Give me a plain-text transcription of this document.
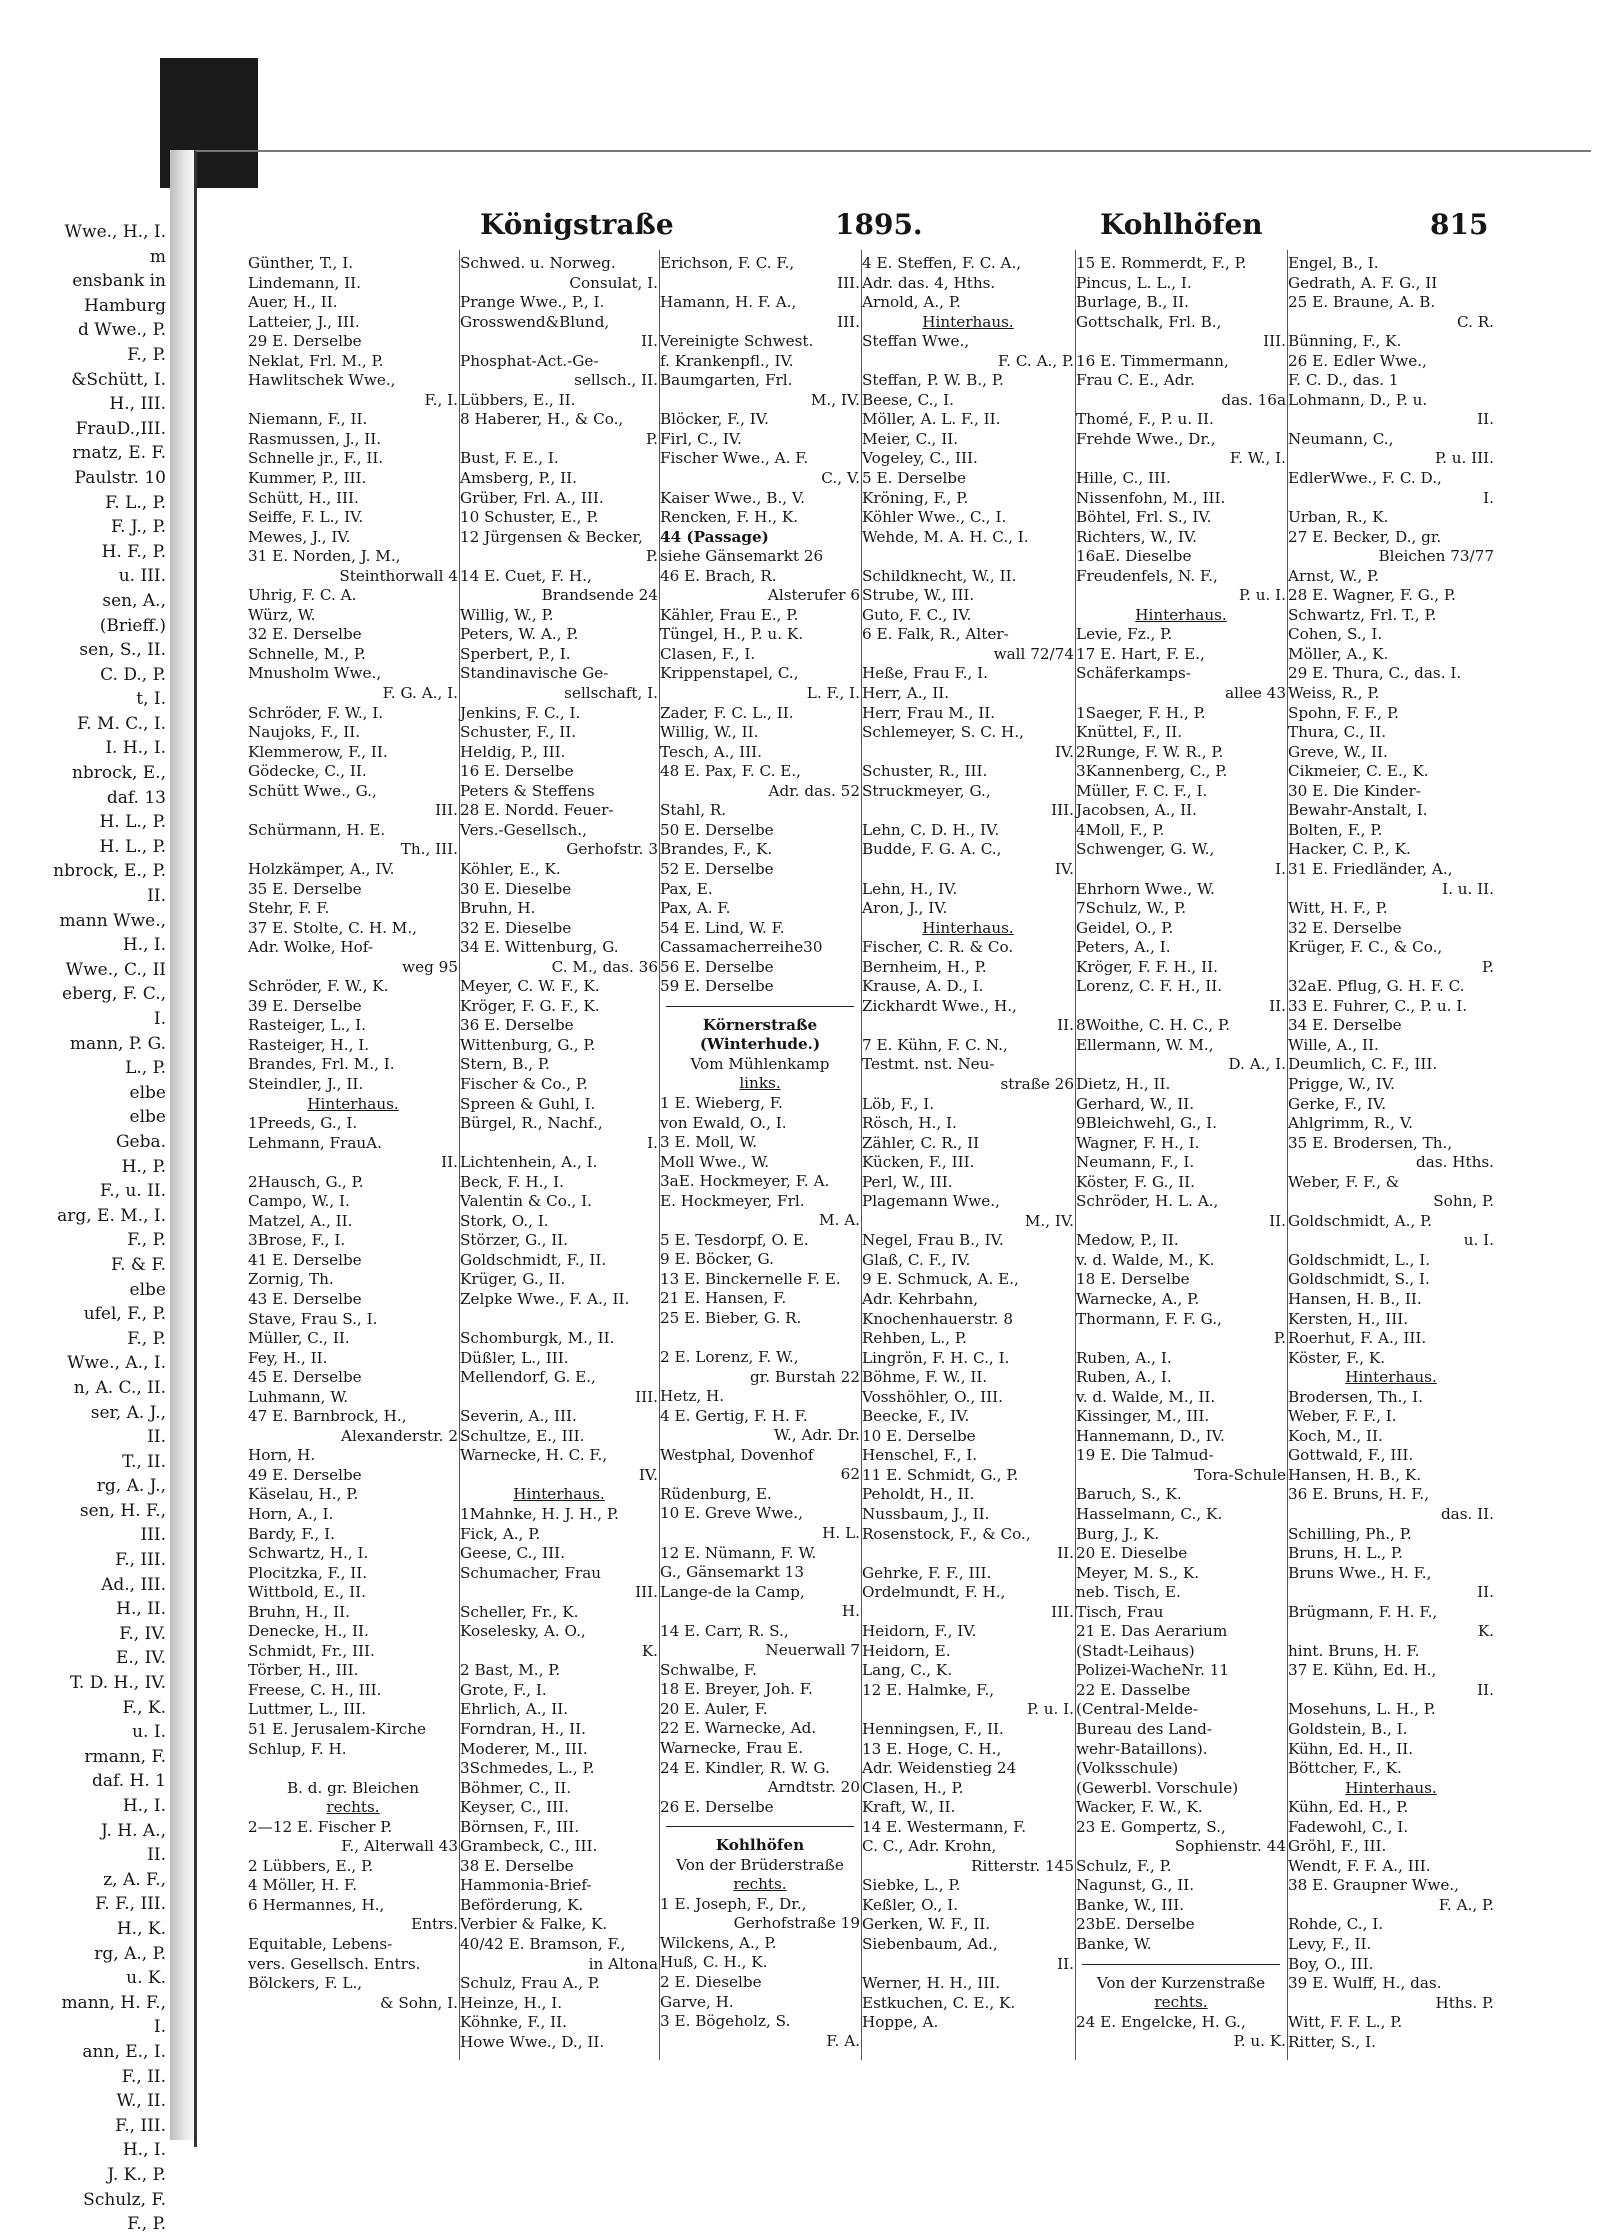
Wwe., H., I.
m
ensbank in
Hamburg
d Wwe., P.
F., P.
&Schütt, I.
H., III.
FrauD.,III.
rnatz, E. F.
Paulstr. 10
F. L., P.
F. J., P.
H. F., P.
u. III.
sen, A.,
(Brieff.)
sen, S., II.
C. D., P.
t, I.
F. M. C., I.
I. H., I.
nbrock, E.,
daf. 13
H. L., P.
H. L., P.
nbrock, E., P.
II.
mann Wwe.,
H., I.
Wwe., C., II
eberg, F. C.,
I.
mann, P. G.
L., P.
elbe
elbe
Geba.
H., P.
F., u. II.
arg, E. M., I.
F., P.
F. & F.
elbe
ufel, F., P.
F., P.
Wwe., A., I.
n, A. C., II.
ser, A. J.,
II.
T., II.
rg, A. J.,
sen, H. F.,
III.
F., III.
Ad., III.
H., II.
F., IV.
E., IV.
T. D. H., IV.
F., K.
u. I.
rmann, F.
daf. H. 1
H., I.
J. H. A.,
II.
z, A. F.,
F. F., III.
H., K.
rg, A., P.
u. K.
mann, H. F.,
I.
ann, E., I.
F., II.
W., II.
F., III.
H., I.
J. K., P.
Schulz, F.
F., P.
Königstraße	1895.	Kohlhöfen	815
Günther, T., I.
Lindemann, II.
Auer, H., II.
Latteier, J., III.
29 E. Derselbe
Neklat, Frl. M., P.
Hawlitschek Wwe.,
F., I.
Niemann, F., II.
Rasmussen, J., II.
Schnelle jr., F., II.
Kummer, P., III.
Schütt, H., III.
Seiffe, F. L., IV.
Mewes, J., IV.
31 E. Norden, J. M.,
Steinthorwall 4
Uhrig, F. C. A.
Würz, W.
32 E. Derselbe
Schnelle, M., P.
Mnusholm Wwe.,
F. G. A., I.
Schröder, F. W., I.
Naujoks, F., II.
Klemmerow, F., II.
Gödecke, C., II.
Schütt Wwe., G.,
III.
Schürmann, H. E.
Th., III.
Holzkämper, A., IV.
35 E. Derselbe
Stehr, F. F.
37 E. Stolte, C. H. M.,
Adr. Wolke, Hof-
weg 95
Schröder, F. W., K.
39 E. Derselbe
Rasteiger, L., I.
Rasteiger, H., I.
Brandes, Frl. M., I.
Steindler, J., II.
Hinterhaus.
1Preeds, G., I.
Lehmann, FrauA.
II.
2Hausch, G., P.
Campo, W., I.
Matzel, A., II.
3Brose, F., I.
41 E. Derselbe
Zornig, Th.
43 E. Derselbe
Stave, Frau S., I.
Müller, C., II.
Fey, H., II.
45 E. Derselbe
Luhmann, W.
47 E. Barnbrock, H.,
Alexanderstr. 2
Horn, H.
49 E. Derselbe
Käselau, H., P.
Horn, A., I.
Bardy, F., I.
Schwartz, H., I.
Plocitzka, F., II.
Wittbold, E., II.
Bruhn, H., II.
Denecke, H., II.
Schmidt, Fr., III.
Törber, H., III.
Freese, C. H., III.
Luttmer, L., III.
51 E. Jerusalem-Kirche
Schlup, F. H.

B. d. gr. Bleichen
rechts.
2—12 E. Fischer P.
F., Alterwall 43
2 Lübbers, E., P.
4 Möller, H. F.
6 Hermannes, H.,
Entrs.
Equitable, Lebens-
vers. Gesellsch. Entrs.
Bölckers, F. L.,
& Sohn, I.
Schwed. u. Norweg.
Consulat, I.
Prange Wwe., P., I.
Grosswend&Blund,
II.
Phosphat-Act.-Ge-
sellsch., II.
Lübbers, E., II.
8 Haberer, H., & Co.,
P.
Bust, F. E., I.
Amsberg, P., II.
Grüber, Frl. A., III.
10 Schuster, E., P.
12 Jürgensen & Becker,
P.
14 E. Cuet, F. H.,
Brandsende 24
Willig, W., P.
Peters, W. A., P.
Sperbert, P., I.
Standinavische Ge-
sellschaft, I.
Jenkins, F. C., I.
Schuster, F., II.
Heldig, P., III.
16 E. Derselbe
Peters & Steffens
28 E. Nordd. Feuer-
Vers.-Gesellsch.,
Gerhofstr. 3
Köhler, E., K.
30 E. Dieselbe
Bruhn, H.
32 E. Dieselbe
34 E. Wittenburg, G.
C. M., das. 36
Meyer, C. W. F., K.
Kröger, F. G. F., K.
36 E. Derselbe
Wittenburg, G., P.
Stern, B., P.
Fischer & Co., P.
Spreen & Guhl, I.
Bürgel, R., Nachf.,
I.
Lichtenhein, A., I.
Beck, F. H., I.
Valentin & Co., I.
Stork, O., I.
Störzer, G., II.
Goldschmidt, F., II.
Krüger, G., II.
Zelpke Wwe., F. A., II.

Schomburgk, M., II.
Düßler, L., III.
Mellendorf, G. E.,
III.
Severin, A., III.
Schultze, E., III.
Warnecke, H. C. F.,
IV.
Hinterhaus.
1Mahnke, H. J. H., P.
Fick, A., P.
Geese, C., III.
Schumacher, Frau
III.
Scheller, Fr., K.
Koselesky, A. O.,
K.
2 Bast, M., P.
Grote, F., I.
Ehrlich, A., II.
Forndran, H., II.
Moderer, M., III.
3Schmedes, L., P.
Böhmer, C., II.
Keyser, C., III.
Börnsen, F., III.
Grambeck, C., III.
38 E. Derselbe
Hammonia-Brief-
Beförderung, K.
Verbier & Falke, K.
40/42 E. Bramson, F.,
in Altona
Schulz, Frau A., P.
Heinze, H., I.
Köhnke, F., II.
Howe Wwe., D., II.
Erichson, F. C. F.,
III.
Hamann, H. F. A.,
III.
Vereinigte Schwest.
f. Krankenpfl., IV.
Baumgarten, Frl.
M., IV.
Blöcker, F., IV.
Firl, C., IV.
Fischer Wwe., A. F.
C., V.
Kaiser Wwe., B., V.
Rencken, F. H., K.
44 (Passage)
siehe Gänsemarkt 26
46 E. Brach, R.
Alsterufer 6
Kähler, Frau E., P.
Tüngel, H., P. u. K.
Clasen, F., I.
Krippenstapel, C.,
L. F., I.
Zader, F. C. L., II.
Willig, W., II.
Tesch, A., III.
48 E. Pax, F. C. E.,
Adr. das. 52
Stahl, R.
50 E. Derselbe
Brandes, F., K.
52 E. Derselbe
Pax, E.
Pax, A. F.
54 E. Lind, W. F.
Cassamacherreihe30
56 E. Derselbe
59 E. Derselbe
Körnerstraße
(Winterhude.)
Vom Mühlenkamp
links.
1 E. Wieberg, F.
von Ewald, O., I.
3 E. Moll, W.
Moll Wwe., W.
3aE. Hockmeyer, F. A.
E. Hockmeyer, Frl.
M. A.
5 E. Tesdorpf, O. E.
9 E. Böcker, G.
13 E. Binckernelle F. E.
21 E. Hansen, F.
25 E. Bieber, G. R.

2 E. Lorenz, F. W.,
gr. Burstah 22
Hetz, H.
4 E. Gertig, F. H. F.
W., Adr. Dr.
Westphal, Dovenhof
62
Rüdenburg, E.
10 E. Greve Wwe.,
H. L.
12 E. Nümann, F. W.
G., Gänsemarkt 13
Lange-de la Camp,
H.
14 E. Carr, R. S.,
Neuerwall 7
Schwalbe, F.
18 E. Breyer, Joh. F.
20 E. Auler, F.
22 E. Warnecke, Ad.
Warnecke, Frau E.
24 E. Kindler, R. W. G.
Arndtstr. 20
26 E. Derselbe
Kohlhöfen
Von der Brüderstraße
rechts.
1 E. Joseph, F., Dr.,
Gerhofstraße 19
Wilckens, A., P.
Huß, C. H., K.
2 E. Dieselbe
Garve, H.
3 E. Bögeholz, S.
F. A.
4 E. Steffen, F. C. A.,
Adr. das. 4, Hths.
Arnold, A., P.
Hinterhaus.
Steffan Wwe.,
F. C. A., P.
Steffan, P. W. B., P.
Beese, C., I.
Möller, A. L. F., II.
Meier, C., II.
Vogeley, C., III.
5 E. Derselbe
Kröning, F., P.
Köhler Wwe., C., I.
Wehde, M. A. H. C., I.

Schildknecht, W., II.
Strube, W., III.
Guto, F. C., IV.
6 E. Falk, R., Alter-
wall 72/74
Heße, Frau F., I.
Herr, A., II.
Herr, Frau M., II.
Schlemeyer, S. C. H.,
IV.
Schuster, R., III.
Struckmeyer, G.,
III.
Lehn, C. D. H., IV.
Budde, F. G. A. C.,
IV.
Lehn, H., IV.
Aron, J., IV.
Hinterhaus.
Fischer, C. R. & Co.
Bernheim, H., P.
Krause, A. D., I.
Zickhardt Wwe., H.,
II.
7 E. Kühn, F. C. N.,
Testmt. nst. Neu-
straße 26
Löb, F., I.
Rösch, H., I.
Zähler, C. R., II
Kücken, F., III.
Perl, W., III.
Plagemann Wwe.,
M., IV.
Negel, Frau B., IV.
Glaß, C. F., IV.
9 E. Schmuck, A. E.,
Adr. Kehrbahn,
Knochenhauerstr. 8
Rehben, L., P.
Lingrön, F. H. C., I.
Böhme, F. W., II.
Vosshöhler, O., III.
Beecke, F., IV.
10 E. Derselbe
Henschel, F., I.
11 E. Schmidt, G., P.
Peholdt, H., II.
Nussbaum, J., II.
Rosenstock, F., & Co.,
II.
Gehrke, F. F., III.
Ordelmundt, F. H.,
III.
Heidorn, F., IV.
Heidorn, E.
Lang, C., K.
12 E. Halmke, F.,
P. u. I.
Henningsen, F., II.
13 E. Hoge, C. H.,
Adr. Weidenstieg 24
Clasen, H., P.
Kraft, W., II.
14 E. Westermann, F.
C. C., Adr. Krohn,
Ritterstr. 145
Siebke, L., P.
Keßler, O., I.
Gerken, W. F., II.
Siebenbaum, Ad.,
II.
Werner, H. H., III.
Estkuchen, C. E., K.
Hoppe, A.
15 E. Rommerdt, F., P.
Pincus, L. L., I.
Burlage, B., II.
Gottschalk, Frl. B.,
III.
16 E. Timmermann,
Frau C. E., Adr.
das. 16a
Thomé, F., P. u. II.
Frehde Wwe., Dr.,
F. W., I.
Hille, C., III.
Nissenfohn, M., III.
Böhtel, Frl. S., IV.
Richters, W., IV.
16aE. Dieselbe
Freudenfels, N. F.,
P. u. I.
Hinterhaus.
Levie, Fz., P.
17 E. Hart, F. E.,
Schäferkamps-
allee 43
1Saeger, F. H., P.
Knüttel, F., II.
2Runge, F. W. R., P.
3Kannenberg, C., P.
Müller, F. C. F., I.
Jacobsen, A., II.
4Moll, F., P.
Schwenger, G. W.,
I.
Ehrhorn Wwe., W.
7Schulz, W., P.
Geidel, O., P.
Peters, A., I.
Kröger, F. F. H., II.
Lorenz, C. F. H., II.
II.
8Woithe, C. H. C., P.
Ellermann, W. M.,
D. A., I.
Dietz, H., II.
Gerhard, W., II.
9Bleichwehl, G., I.
Wagner, F. H., I.
Neumann, F., I.
Köster, F. G., II.
Schröder, H. L. A.,
II.
Medow, P., II.
v. d. Walde, M., K.
18 E. Derselbe
Warnecke, A., P.
Thormann, F. F. G.,
P.
Ruben, A., I.
Ruben, A., I.
v. d. Walde, M., II.
Kissinger, M., III.
Hannemann, D., IV.
19 E. Die Talmud-
Tora-Schule
Baruch, S., K.
Hasselmann, C., K.
Burg, J., K.
20 E. Dieselbe
Meyer, M. S., K.
neb. Tisch, E.
Tisch, Frau
21 E. Das Aerarium
(Stadt-Leihaus)
Polizei-WacheNr. 11
22 E. Dasselbe
(Central-Melde-
Bureau des Land-
wehr-Bataillons).
(Volksschule)
(Gewerbl. Vorschule)
Wacker, F. W., K.
23 E. Gompertz, S.,
Sophienstr. 44
Schulz, F., P.
Nagunst, G., II.
Banke, W., III.
23bE. Derselbe
Banke, W.
Von der Kurzenstraße
rechts.
24 E. Engelcke, H. G.,
P. u. K.
Engel, B., I.
Gedrath, A. F. G., II
25 E. Braune, A. B.
C. R.
Bünning, F., K.
26 E. Edler Wwe.,
F. C. D., das. 1
Lohmann, D., P. u.
II.
Neumann, C.,
P. u. III.
EdlerWwe., F. C. D.,
I.
Urban, R., K.
27 E. Becker, D., gr.
Bleichen 73/77
Arnst, W., P.
28 E. Wagner, F. G., P.
Schwartz, Frl. T., P.
Cohen, S., I.
Möller, A., K.
29 E. Thura, C., das. I.
Weiss, R., P.
Spohn, F. F., P.
Thura, C., II.
Greve, W., II.
Cikmeier, C. E., K.
30 E. Die Kinder-
Bewahr-Anstalt, I.
Bolten, F., P.
Hacker, C. P., K.
31 E. Friedländer, A.,
I. u. II.
Witt, H. F., P.
32 E. Derselbe
Krüger, F. C., & Co.,
P.
32aE. Pflug, G. H. F. C.
33 E. Fuhrer, C., P. u. I.
34 E. Derselbe
Wille, A., II.
Deumlich, C. F., III.
Prigge, W., IV.
Gerke, F., IV.
Ahlgrimm, R., V.
35 E. Brodersen, Th.,
das. Hths.
Weber, F. F., &
Sohn, P.
Goldschmidt, A., P.
u. I.
Goldschmidt, L., I.
Goldschmidt, S., I.
Hansen, H. B., II.
Kersten, H., III.
Roerhut, F. A., III.
Köster, F., K.
Hinterhaus.
Brodersen, Th., I.
Weber, F. F., I.
Koch, M., II.
Gottwald, F., III.
Hansen, H. B., K.
36 E. Bruns, H. F.,
das. II.
Schilling, Ph., P.
Bruns, H. L., P.
Bruns Wwe., H. F.,
II.
Brügmann, F. H. F.,
K.
hint. Bruns, H. F.
37 E. Kühn, Ed. H.,
II.
Mosehuns, L. H., P.
Goldstein, B., I.
Kühn, Ed. H., II.
Böttcher, F., K.
Hinterhaus.
Kühn, Ed. H., P.
Fadewohl, C., I.
Gröhl, F., III.
Wendt, F. F. A., III.
38 E. Graupner Wwe.,
F. A., P.
Rohde, C., I.
Levy, F., II.
Boy, O., III.
39 E. Wulff, H., das.
Hths. P.
Witt, F. F. L., P.
Ritter, S., I.
